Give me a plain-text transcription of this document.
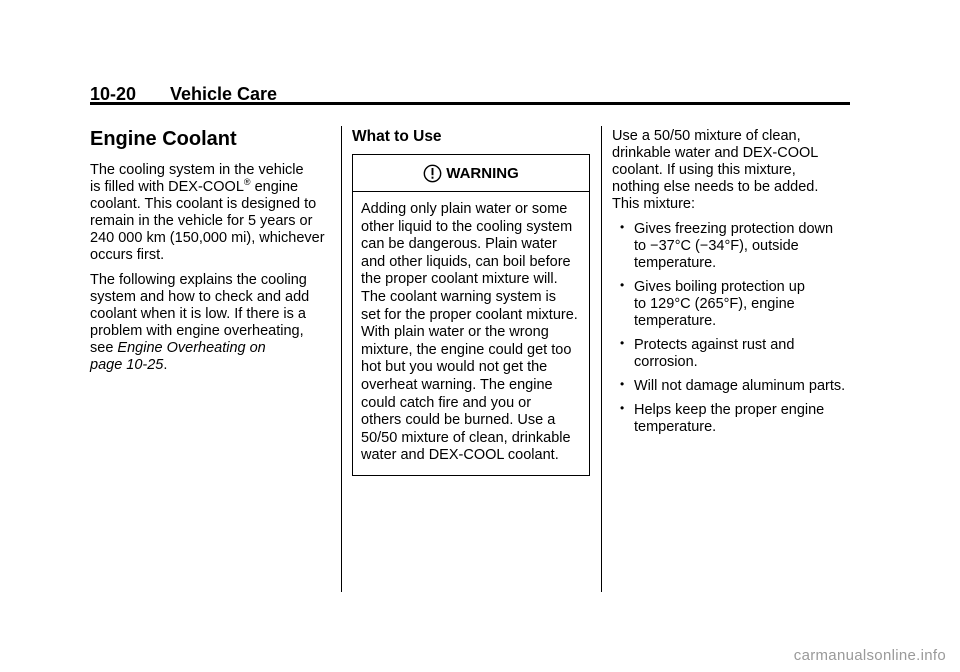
10-20 Vehicle Care
Engine Coolant

The cooling system in the vehicle
is filled with DEX-COOL® engine
coolant. This coolant is designed to
remain in the vehicle for 5 years or
240 000 km (150,000 mi), whichever
occurs first.

The following explains the cooling
system and how to check and add
coolant when it is low. If there is a
problem with engine overheating,
see Engine Overheating on
page 10-25.

What to Use
WARNING
Adding only plain water or some
other liquid to the cooling system
can be dangerous. Plain water
and other liquids, can boil before
the proper coolant mixture will.
The coolant warning system is
set for the proper coolant mixture.
With plain water or the wrong
mixture, the engine could get too
hot but you would not get the
overheat warning. The engine
could catch fire and you or
others could be burned. Use a
50/50 mixture of clean, drinkable
water and DEX-COOL coolant.

Use a 50/50 mixture of clean,
drinkable water and DEX-COOL
coolant. If using this mixture,
nothing else needs to be added.
This mixture:

• Gives freezing protection down
to −37°C (−34°F), outside
temperature.
• Gives boiling protection up
to 129°C (265°F), engine
temperature.
• Protects against rust and
corrosion.
• Will not damage aluminum parts.
• Helps keep the proper engine
temperature.
carmanualsonline.info
